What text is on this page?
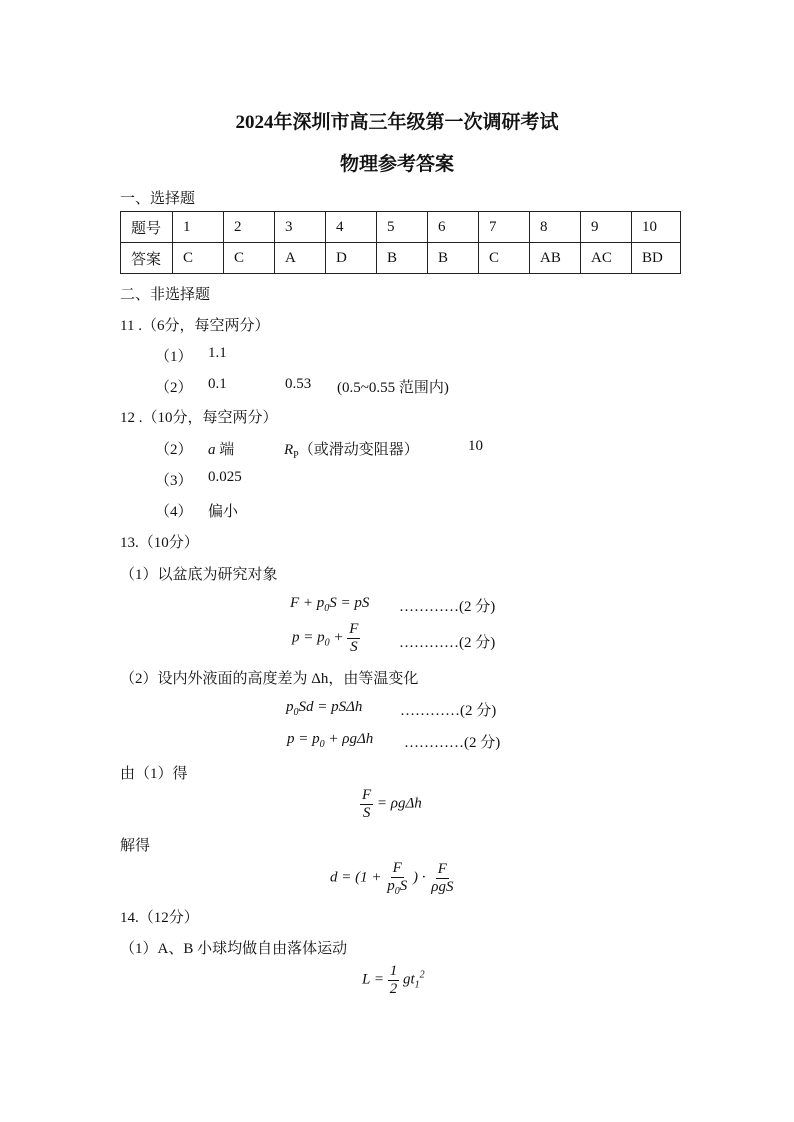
2024年深圳市高三年级第一次调研考试
物理参考答案
一、选择题
题号	1	2	3	4	5	6	7	8	9	10
答案	C	C	A	D	B	B	C	AB	AC	BD
二、非选择题
11 .（6分，每空两分）
（1） 1.1
（2） 0.1	0.53 (0.5~0.55 范围内)
12 .（10分，每空两分）
（2） a 端	$R_P$（或滑动变阻器）	10
（3） 0.025
（4） 偏小
13.（10分）
（1）以盆底为研究对象
$F + p_0S$ = pS …………(2 分)
$p = p_0 + \frac{F}{S}$	…………(2 分)
（2）设内外液面的高度差为 Δh，由等温变化
$p_0Sd = pS\Delta h$	…………(2 分)
$p = p_0 + \rho g\Delta h$ …………(2 分)
由（1）得
$\frac{F}{S} = \rho g\Delta h$
解得
$d = (1 + \frac{F}{p_0S}$ ) · $\frac{F}{\text{ρgS}}$
14.（12分）
（1）A、B 小球均做自由落体运动
$L = \frac{1}{2} gt_1^2$
